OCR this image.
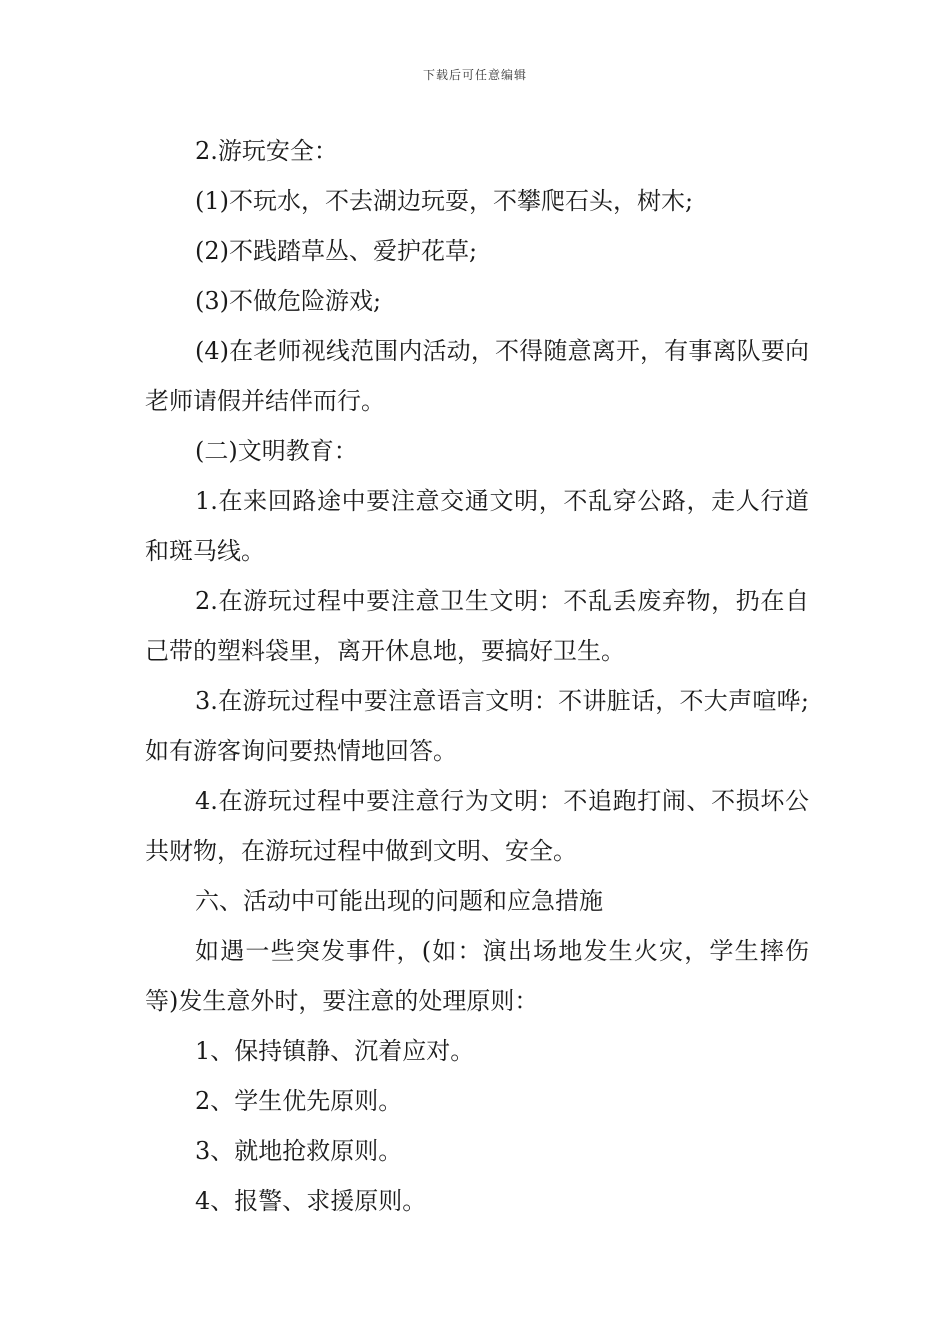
下载后可任意编辑

2.游玩安全：

(1)不玩水，不去湖边玩耍，不攀爬石头，树木;

(2)不践踏草丛、爱护花草;

(3)不做危险游戏;

(4)在老师视线范围内活动，不得随意离开，有事离队要向老师请假并结伴而行。

(二)文明教育：

1.在来回路途中要注意交通文明，不乱穿公路，走人行道和斑马线。

2.在游玩过程中要注意卫生文明：不乱丢废弃物，扔在自己带的塑料袋里，离开休息地，要搞好卫生。

3.在游玩过程中要注意语言文明：不讲脏话，不大声喧哗;如有游客询问要热情地回答。

4.在游玩过程中要注意行为文明：不追跑打闹、不损坏公共财物，在游玩过程中做到文明、安全。

六、活动中可能出现的问题和应急措施

如遇一些突发事件，(如：演出场地发生火灾，学生摔伤等)发生意外时，要注意的处理原则：

1、保持镇静、沉着应对。

2、学生优先原则。

3、就地抢救原则。

4、报警、求援原则。
